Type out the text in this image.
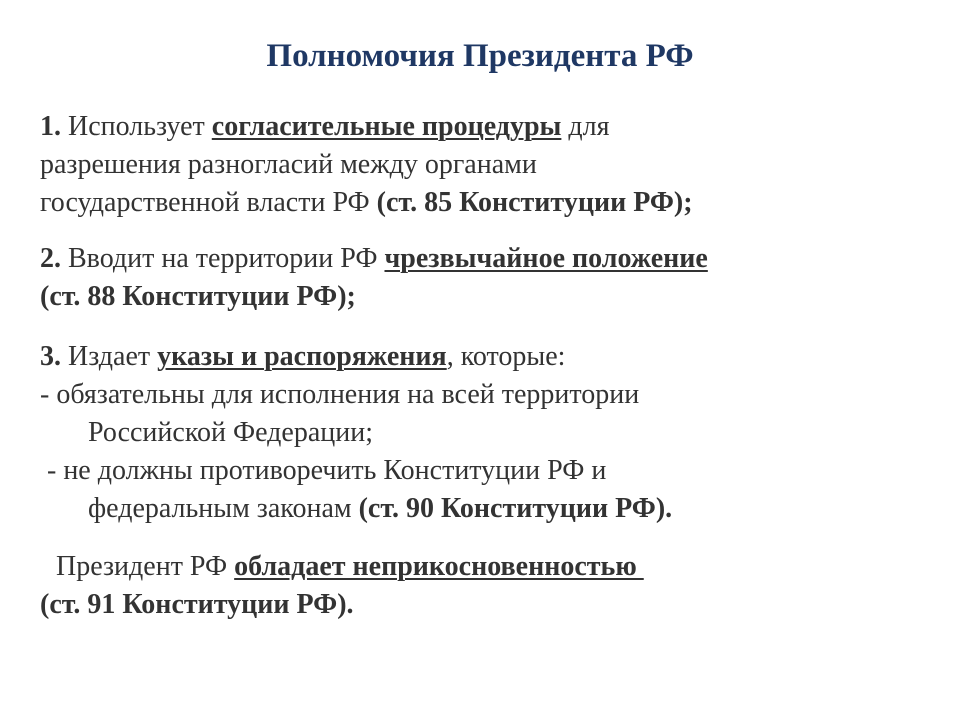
Полномочия Президента РФ
1. Использует согласительные процедуры для
разрешения разногласий между органами
государственной власти РФ (ст. 85 Конституции РФ);
2. Вводит на территории РФ чрезвычайное положение
(ст. 88 Конституции РФ);
3. Издает указы и распоряжения, которые:
- обязательны для исполнения на всей территории
Российской Федерации;
- не должны противоречить Конституции РФ и
федеральным законам (ст. 90 Конституции РФ).
Президент РФ обладает неприкосновенностью
(ст. 91 Конституции РФ).
